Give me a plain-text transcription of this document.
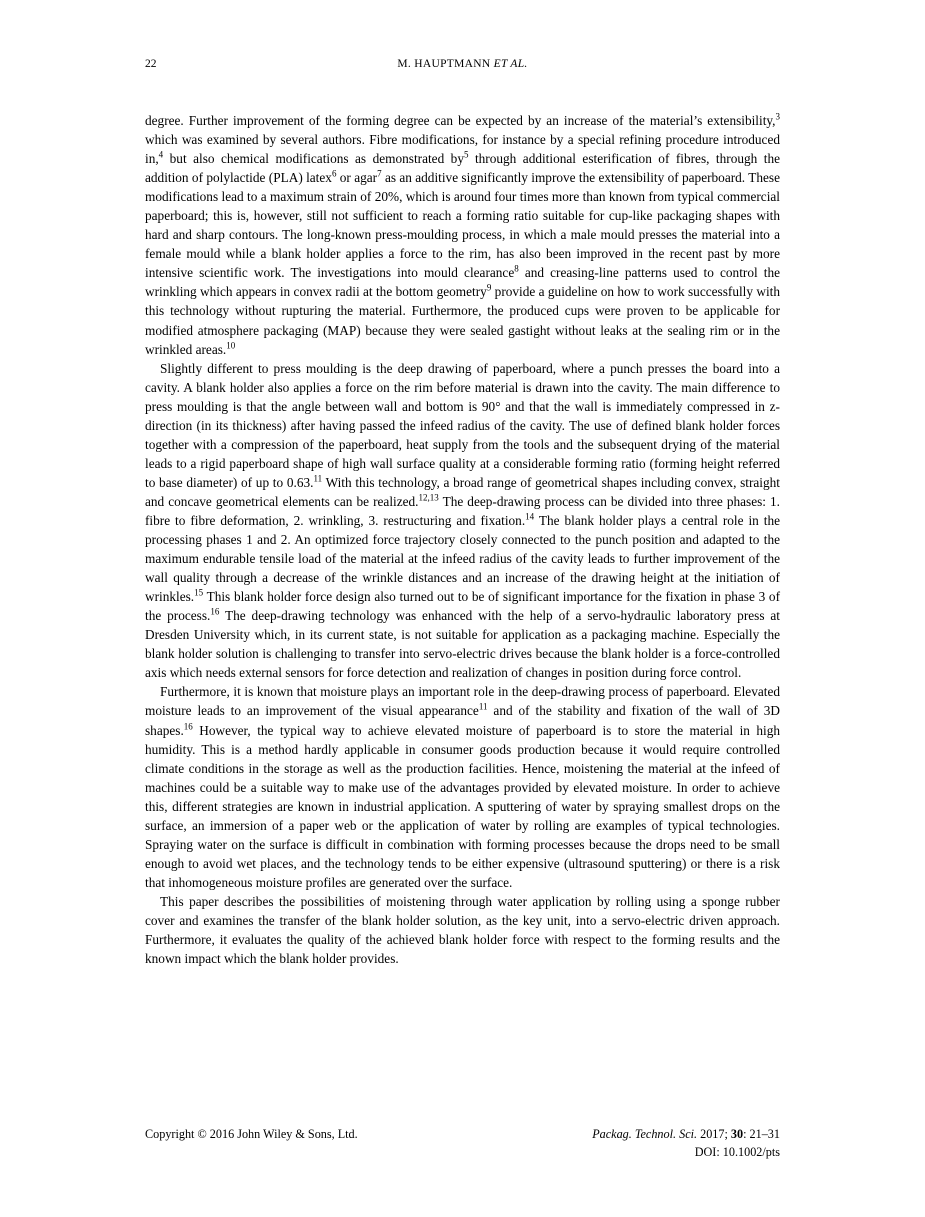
22	M. HAUPTMANN ET AL.

degree. Further improvement of the forming degree can be expected by an increase of the material’s extensibility,$^3$ which was examined by several authors. Fibre modifications, for instance by a special refining procedure introduced in,$^4$ but also chemical modifications as demonstrated $by^5$ through additional esterification of fibres, through the addition of polylactide (PLA) latex$^6$ or agar$^7$ as an additive significantly improve the extensibility of paperboard. These modifications lead to a maximum strain of 20%, which is around four times more than known from typical commercial paperboard; this is, however, still not sufficient to reach a forming ratio suitable for cup-like packaging shapes with hard and sharp contours. The long-known press-moulding process, in which a male mould presses the material into a female mould while a blank holder applies a force to the rim, has also been improved in the recent past by more intensive scientific work. The investigations into mould clearance$^8$ and creasing-line patterns used to control the wrinkling which appears in convex radii at the bottom geometry$^9$ provide a guideline on how to work successfully with this technology without rupturing the material. Furthermore, the produced cups were proven to be applicable for modified atmosphere packaging (MAP) because they were sealed gastight without leaks at the sealing rim or in the wrinkled areas.$^{10}$

Slightly different to press moulding is the deep drawing of paperboard, where a punch presses the board into a cavity. A blank holder also applies a force on the rim before material is drawn into the cavity. The main difference to press moulding is that the angle between wall and bottom is 90° and that the wall is immediately compressed in z-direction (in its thickness) after having passed the infeed radius of the cavity. The use of defined blank holder forces together with a compression of the paperboard, heat supply from the tools and the subsequent drying of the material leads to a rigid paperboard shape of high wall surface quality at a considerable forming ratio (forming height referred to base diameter) of up to 0.63.11 With this technology, a broad range of geometrical shapes including convex, straight and concave geometrical elements can be realized.$^{12,13}$ The deep-drawing process can be divided into three phases: 1. fibre to fibre deformation, 2. wrinkling, 3. restructuring and fixation.$^{14}$ The blank holder plays a central role in the processing phases 1 and 2. An optimized force trajectory closely connected to the punch position and adapted to the maximum endurable tensile load of the material at the infeed radius of the cavity leads to further improvement of the wall quality through a decrease of the wrinkle distances and an increase of the drawing height at the initiation of wrinkles.$^{15}$ This blank holder force design also turned out to be of significant importance for the fixation in phase 3 of the process.$^{16}$ The deep-drawing technology was enhanced with the help of a servo-hydraulic laboratory press at Dresden University which, in its current state, is not suitable for application as a packaging machine. Especially the blank holder solution is challenging to transfer into servo-electric drives because the blank holder is a force-controlled axis which needs external sensors for force detection and realization of changes in position during force control.

Furthermore, it is known that moisture plays an important role in the deep-drawing process of paperboard. Elevated moisture leads to an improvement of the visual appearance$^{11}$ and of the stability and fixation of the wall of 3D shapes.$^{16}$ However, the typical way to achieve elevated moisture of paperboard is to store the material in high humidity. This is a method hardly applicable in consumer goods production because it would require controlled climate conditions in the storage as well as the production facilities. Hence, moistening the material at the infeed of machines could be a suitable way to make use of the advantages provided by elevated moisture. In order to achieve this, different strategies are known in industrial application. A sputtering of water by spraying smallest drops on the surface, an immersion of a paper web or the application of water by rolling are examples of typical technologies. Spraying water on the surface is difficult in combination with forming processes because the drops need to be small enough to avoid wet places, and the technology tends to be either expensive (ultrasound sputtering) or there is a risk that inhomogeneous moisture profiles are generated over the surface.

This paper describes the possibilities of moistening through water application by rolling using a sponge rubber cover and examines the transfer of the blank holder solution, as the key unit, into a servo-electric driven approach. Furthermore, it evaluates the quality of the achieved blank holder force with respect to the forming results and the known impact which the blank holder provides.

Copyright © 2016 John Wiley & Sons, Ltd.	Packag. Technol. Sci. 2017; 30: 21–31
DOI: 10.1002/pts
